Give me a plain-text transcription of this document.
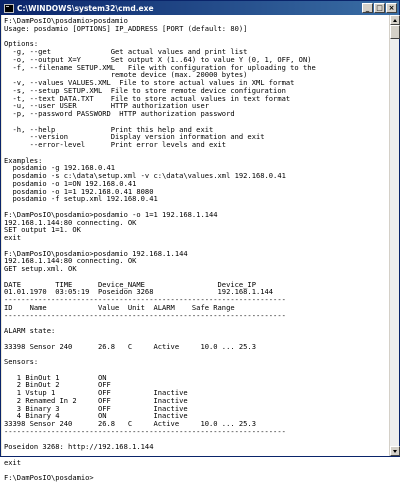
C:\WINDOWS\system32\cmd.exe	_ □ ×
F:\DamPosIO\posdamio>posdamio
Usage: posdamio [OPTIONS] IP_ADDRESS [PORT (default: 80)]
Options:
-g, --get              Get actual values and print list
-o, --output X=Y       Set output X (1..64) to value Y (0, 1, OFF, ON)
-f, --filename SETUP.XML   File with configuration for uploading to the
remote device (max. 20000 bytes)
-v, --values VALUES.XML  File to store actual values in XML format
-s, --setup SETUP.XML  File to store remote device configuration
-t, --text DATA.TXT    File to store actual values in text format
-u, --user USER        HTTP authorization user
-p, --password PASSWORD  HTTP authorization password
-h, --help             Print this help and exit
--version          Display version information and exit
--error-level      Print error levels and exit
Examples:
posdamio -g 192.168.0.41
posdamio -s c:\data\setup.xml -v c:\data\values.xml 192.168.0.41
posdamio -o 1=ON 192.168.0.41
posdamio -o 1=1 192.168.0.41 8080
posdamio -f setup.xml 192.168.0.41
F:\DamPosIO\posdamio>posdamio -o 1=1 192.168.1.144
192.168.1.144:80 connecting. OK
SET output 1=1. OK
exit
F:\DamPosIO\posdamio>posdamio 192.168.1.144
192.168.1.144:80 connecting. OK
GET setup.xml. OK
DATE        TIME      Device_NAME                 Device_IP
01.01.1970  03:05:19  Poseidon 3268               192.168.1.144
------------------------------------------------------------------
ID    Name            Value  Unit  ALARM    Safe Range
------------------------------------------------------------------
ALARM state:
33398 Sensor 240      26.8   C     Active     10.0 ... 25.3
Sensors:
1 BinOut 1         ON
2 BinOut 2         OFF
1 Vstup 1          OFF          Inactive
2 Renamed In 2     OFF          Inactive
3 Binary 3         OFF          Inactive
4 Binary 4         ON           Inactive
33398 Sensor 240      26.8   C     Active     10.0 ... 25.3
------------------------------------------------------------------
Poseidon 3268: http://192.168.1.144
exit
F:\DamPosIO\posdamio>
